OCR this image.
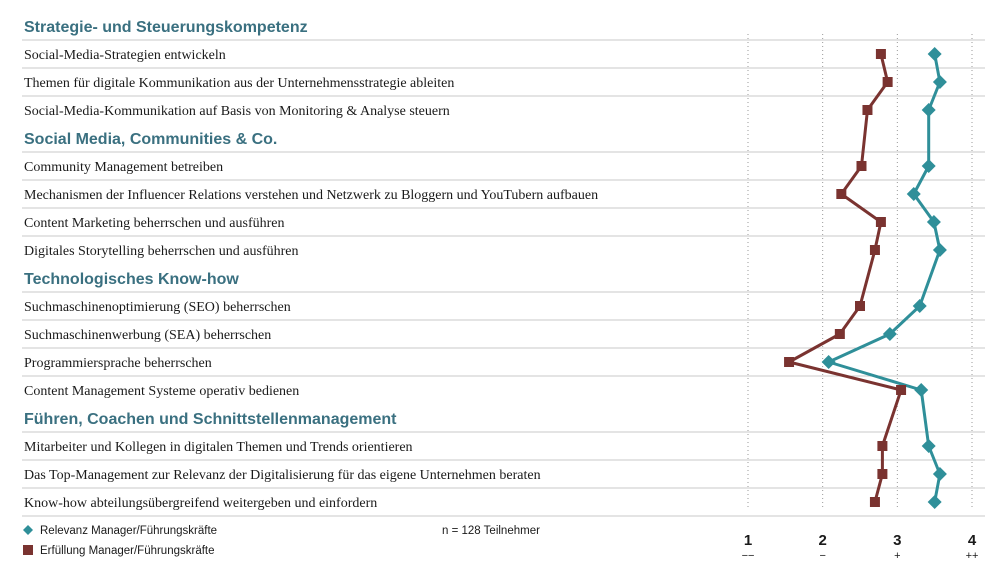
Strategie- und Steuerungskompetenz
Social Media, Communities & Co.
Technologisches Know-how
Führen, Coachen und Schnittstellenmanagement
Social-Media-Strategien entwickeln
Themen für digitale Kommunikation aus der Unternehmensstrategie ableiten
Social-Media-Kommunikation auf Basis von Monitoring & Analyse steuern
Community Management betreiben
Mechanismen der Influencer Relations verstehen und Netzwerk zu Bloggern und YouTubern aufbauen
Content Marketing beherrschen und ausführen
Digitales Storytelling beherrschen und ausführen
Suchmaschinenoptimierung (SEO) beherrschen
Suchmaschinenwerbung (SEA) beherrschen
Programmiersprache beherrschen
Content Management Systeme operativ bedienen
Mitarbeiter und Kollegen in digitalen Themen und Trends orientieren
Das Top-Management zur Relevanz der Digitalisierung für das eigene Unternehmen beraten
Know-how abteilungsübergreifend weitergeben und einfordern
Relevanz Manager/Führungskräfte
Erfüllung Manager/Führungskräfte
n = 128 Teilnehmer
1
−−
2
−
3
+
4
++
